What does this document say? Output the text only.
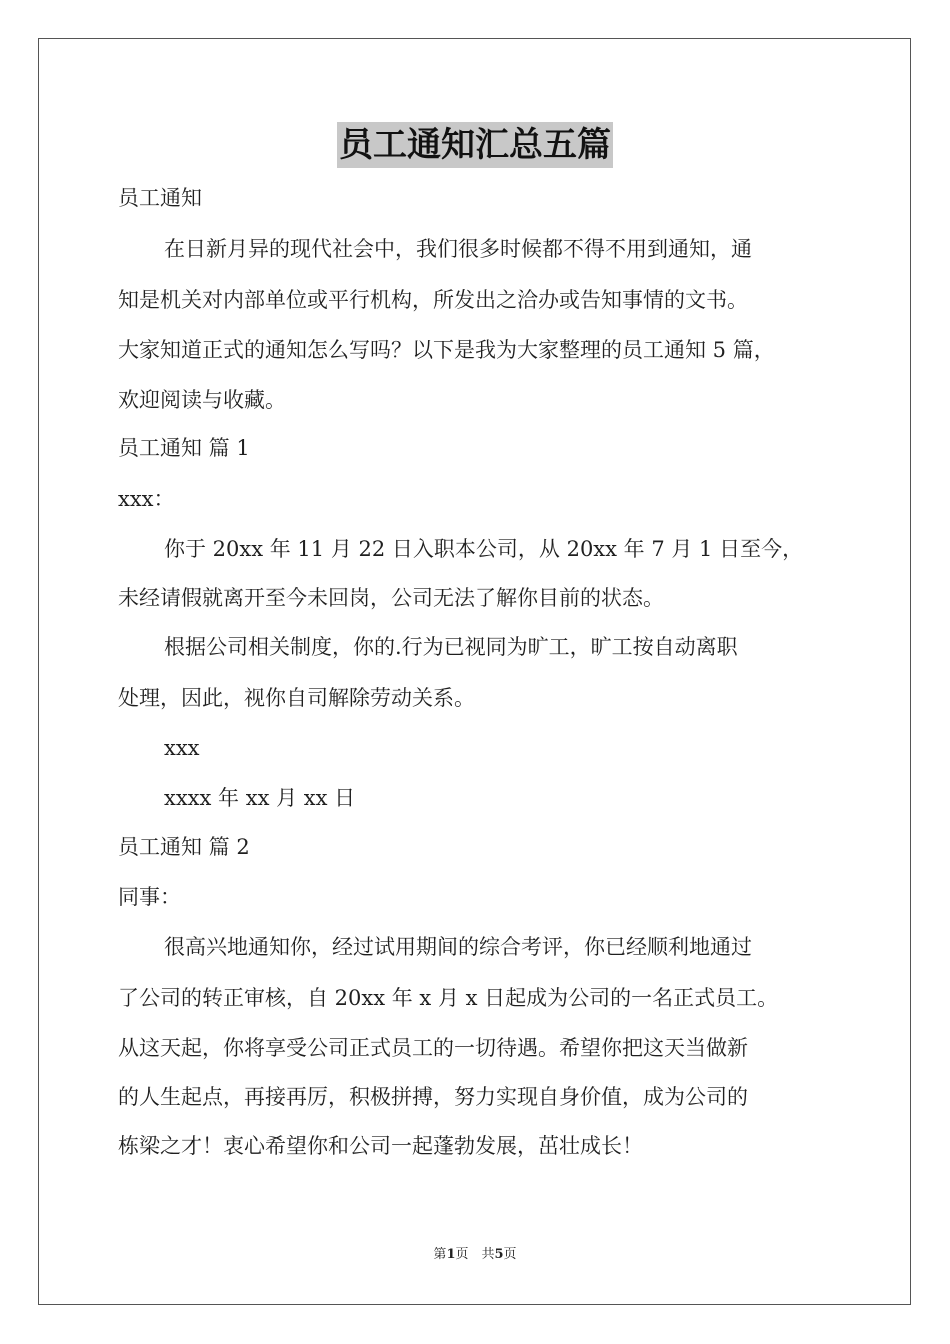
员工通知汇总五篇
员工通知
在日新月异的现代社会中，我们很多时候都不得不用到通知，通
知是机关对内部单位或平行机构，所发出之洽办或告知事情的文书。
大家知道正式的通知怎么写吗？以下是我为大家整理的员工通知 5 篇，
欢迎阅读与收藏。
员工通知 篇 1
xxx：
你于 20xx 年 11 月 22 日入职本公司，从 20xx 年 7 月 1 日至今，
未经请假就离开至今未回岗，公司无法了解你目前的状态。
根据公司相关制度，你的.行为已视同为旷工，旷工按自动离职
处理，因此，视你自司解除劳动关系。
xxx
xxxx 年 xx 月 xx 日
员工通知 篇 2
同事：
很高兴地通知你，经过试用期间的综合考评，你已经顺利地通过
了公司的转正审核，自 20xx 年 x 月 x 日起成为公司的一名正式员工。
从这天起，你将享受公司正式员工的一切待遇。希望你把这天当做新
的人生起点，再接再厉，积极拼搏，努力实现自身价值，成为公司的
栋梁之才！衷心希望你和公司一起蓬勃发展，茁壮成长！
第1页　共5页
